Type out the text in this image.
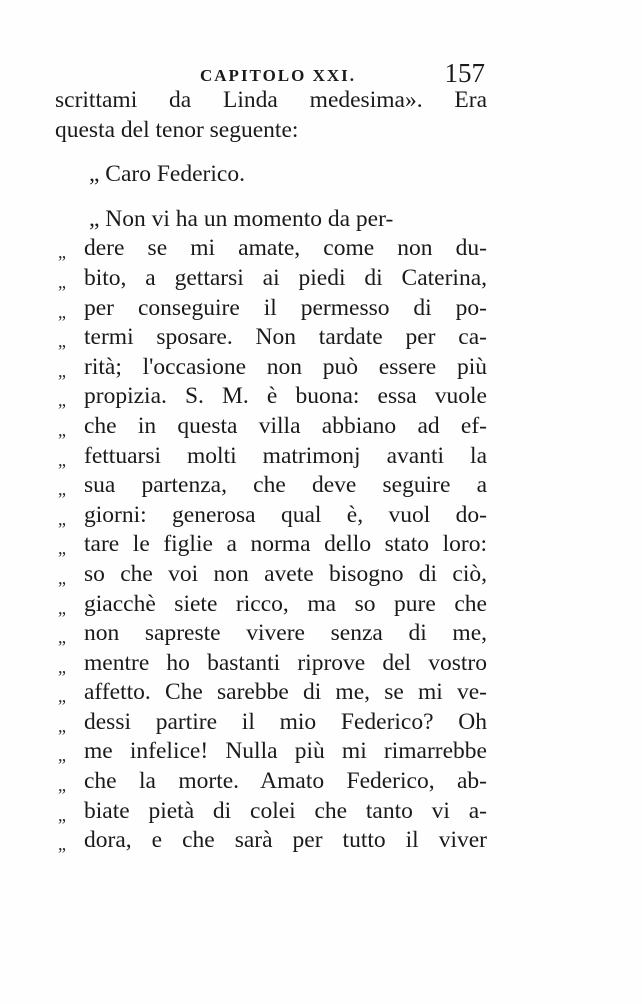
CAPITOLO XXI.	157
scrittami da Linda medesima». Era
questa del tenor seguente:
„ Caro Federico.
„ Non vi ha un momento da per-
„ dere se mi amate, come non du-
„ bito, a gettarsi ai piedi di Caterina,
„ per conseguire il permesso di po-
„ termi sposare. Non tardate per ca-
„ rità; l'occasione non può essere più
„ propizia. S. M. è buona: essa vuole
„ che in questa villa abbiano ad ef-
„ fettuarsi molti matrimonj avanti la
„ sua partenza, che deve seguire a
„ giorni: generosa qual è, vuol do-
„ tare le figlie a norma dello stato loro:
„ so che voi non avete bisogno di ciò,
„ giacchè siete ricco, ma so pure che
„ non sapreste vivere senza di me,
„ mentre ho bastanti riprove del vostro
„ affetto. Che sarebbe di me, se mi ve-
„ dessi partire il mio Federico? Oh
„ me infelice! Nulla più mi rimarrebbe
„ che la morte. Amato Federico, ab-
„ biate pietà di colei che tanto vi a-
„ dora, e che sarà per tutto il viver
